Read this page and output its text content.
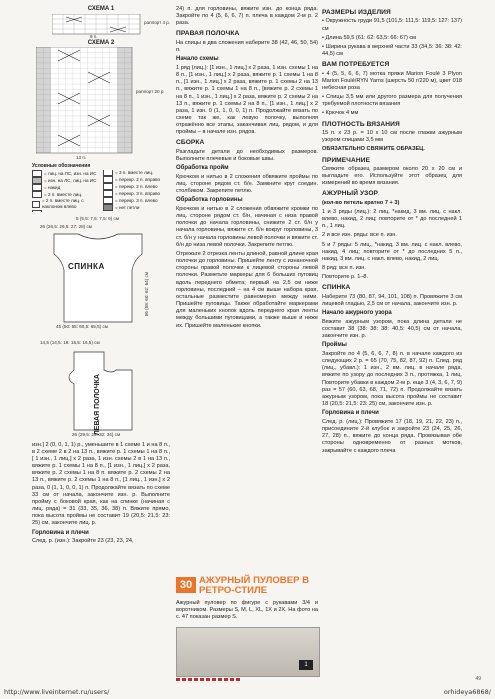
СХЕМА 1
раппорт 4 р.
8 п.
СХЕМА 2
раппорт 20 р.
13 п.
Условные обозначения
= лиц. на ЛС, изн. на ИС
= изн. на ЛС, лиц. на ИС
= накид
= 2 п. вместе лиц.
= 2 п. вместе лиц. с наклоном влево
= 3 п. вместе лиц.
= перекр. 2 п. вправо
= перекр. 2 п. влево
= перекр. 3 п. вправо
= перекр. 3 п. влево
= нет петли
5 (5,5: 7,5: 7,5: 9) см
26 (26,5: 26,5: 27: 28) см
СПИНКА
45 (50: 55: 60,5: 65,5) см
56 (58: 60: 62: 64) см
14,5 (14,5: 16: 15,5: 16,5) см
ЛЕВАЯ ПОЛОЧКА
26 (29,5: 29: 32: 34) см

изн.] 2 (0, 0, 1, 1) р., уменьшите в 1 схеме 1 и на 8 п., в 2 схеме 2 в 2 на 13 п., вяжите р. 1 схемы 1 на 8 п., [ 1 изн., 1 лиц.] х 2 раза, 1 изн. схемы 2 в 1 на 13 п., вяжите р. 1 схемы 1 на 8 п., [1 изн., 1 лиц.] х 2 раза, вяжите р. 2 схемы 1 на 8 п. вяжите р. 2 схемы 2 на 13 п., вяжите р. 2 схемы 1 на 8 п., [1 лиц., 1 изн.] х 2 раза, 0 (1, 1, 0, 0, 1) п. Продолжайте вязать по схеме 33 см от начала, закончите изн. р. Выполните пройму с боковой края, как на спинке (начиная с лиц. ряда) = 31 (33, 35, 36, 38) п. Вяжите прямо, пока высота проймы не составит 19 (20,5: 21,5: 23: 25) см, закончите лиц. р.

Горловина и плечи

След. р. (изн.): Закройте 23 (23, 23, 24,

24) п. для горловины, вяжите изн. до конца ряда. Закройте по 4 (5, 6, 6, 7) п. плеча в каждом 2-м р. 2 раза.

ПРАВАЯ ПОЛОЧКА

На спицы в два сложения наберите 38 (42, 46, 50, 54) п.

Начало схемы

1 ряд (лиц.): [1 изн., 1 лиц.] х 2 раза, 1 изн. схемы 1 на 8 п., [1 изн., 1 лиц.] х 2 раза, вяжите р. 1 схемы 1 на 8 п., [1 изн., 1 лиц.] х 2 раза, вяжите р. 1 схемы 2 на 13 п., вяжите р. 1 схемы 1 на 8 п., [вяжите р. 2 схемы 1 на 8 п., 1 изн., 1 лиц.] х 2 раза, вяжите р. 2 схемы 2 на 13 п., вяжите р. 1 схемы 2 на 8 п., [1 изн., 1 лиц.] х 2 раза, 1 изн. 0 (1, 1, 0, 0, 1) п. Продолжайте вязать по схеме так же, как левую полочку, выполняя отражённо все этапы, заканчивая лиц. рядом, и для проймы – в начале изн. рядов.

СБОРКА

Разгладьте детали до необходимых размеров. Выполните плечевые и боковые швы.

Обработка пройм

Крючком и нитью в 2 сложения обвяжите проймы по лиц. стороне рядом ст. б/н. Замкните круг соедин. столбиком. Закрепите петлю.

Обработка горловины

Крючком и нитью в 2 сложения обвяжите кромки по лиц. стороне рядом ст. б/н, начиная с низа правой полочки до начала горловины, снижите 2 ст. б/н у начала горловины, вяжите ст. б/н вокруг горловины, 3 ст. б/н у начала горловины левой полочки и вяжите ст. б/н до низа левой полочки. Закрепите петлю.

Отрежьте 2 отрезка ленты длиной, равной длине края полочки до горловины. Пришейте ленту с изнаночной стороны правой полочки к лицевой стороны левой полочки. Разметьте маркеры для 6 больших пуговиц вдоль переднего обмета; первый на 2,5 см ниже горловины, последний – на 4 см выше набора края, остальные разместите равномерно между ними. Пришейте пуговицы. Также обработайте маркерами для маленьких кнопок вдоль переднего края ленты между большими пуговицами, а также выше и ниже их. Пришейте маленькие кнопки.

30 АЖУРНЫЙ ПУЛОВЕР В РЕТРО-СТИЛЕ
Ажурный пуловер по фигуре с рукавами 3/4 и воротником. Размеры S, M, L, XL, 1X и 2X. На фото на с. 47 показан размер S.
1
РАЗМЕРЫ ИЗДЕЛИЯ

• Окружность груди 91,5 (101,5: 111,5: 119,5: 127: 137) см

• Длина 59,5 (61: 62: 63,5: 66: 67) см

• Ширина рукава в верхней части 33 (34,5: 36: 38: 42: 44,5) см

ВАМ ПОТРЕБУЕТСЯ

• 4 (5, 5, 6, 6, 7) мотка пряжи Marion Foulé 3 Plyon Marion Foulé/RYN Yarns (шерсть 50 г/220 м), цвет 018 небесная роза

• Спицы 3,5 мм или другого размера для получения требуемой плотности вязания

• Крючок 4 мм

ПЛОТНОСТЬ ВЯЗАНИЯ

15 п. х 23 р. = 10 х 10 см после глажки ажурным узором спицами 3,5 мм

ОБЯЗАТЕЛЬНО СВЯЖИТЕ ОБРАЗЕЦ.

ПРИМЕЧАНИЕ

Свяжите образец размером около 20 х 20 см и выгладьте его. Используйте этот образец для измерений во время вязания.

АЖУРНЫЙ УЗОР

(кол-во петель кратно 7 + 3)

1 и 3 ряды (лиц.): 2 лиц. *накид, 3 вм. лиц. с накл. влево, накид, 2 лиц; повторите от * до последней 1 п., 1 лиц.

2 и все изн. ряды: все п. изн.

5 и 7 ряды: 5 лиц., *накид, 3 вм. лиц. с накл. влево, накид, 4 лиц; повторите от * до последних 5 п., накид, 3 вм. лиц. с накл. влево, накид, 2 лиц.

8 ряд: все п. изн.

Повторите р. 1–8.

СПИНКА

Наберите 73 (80, 87, 94, 101, 108) п. Провяжите 3 см лицевой гладью, 2,5 см от начала, закончите изн. р.

Начало ажурного узора

Вяжите ажурным узором, пока длина детали не составит 38 (38: 38: 38: 40,5: 40,5) см от начала, закончите изн. р.

Проймы

Закройте по 4 (5, 6, 6, 7, 8) п. в начале каждого из следующих 2 р. = 65 (70, 75, 82, 87, 92) п. След. ряд (лиц., убавл.): 1 изн., 2 вм. лиц. в начале ряда, вяжите по узору до последних 3 п., протяжка, 1 лиц. Повторите убавки в каждом 2-м р. еще 3 (4, 3, 6, 7, 9) раз = 57 (60, 63, 68, 71, 72) п. Продолжайте вязать ажурным узором, пока высота проймы не составит 18 (20,5: 21,5: 23: 25) см, закончите изн. р.

Горловина и плечи

След. р. (лиц.): Провяжите 17 (18, 19, 21, 22, 23) п., присоедините 2-й клубок и закройте 23 (24, 25, 26, 27, 28) п., вяжите до конца ряда. Провязывая обе стороны одновременно от разных мотков, закрывайте с каждого плеча

49
http://www.liveinternet.ru/users/	orhideya6868/
